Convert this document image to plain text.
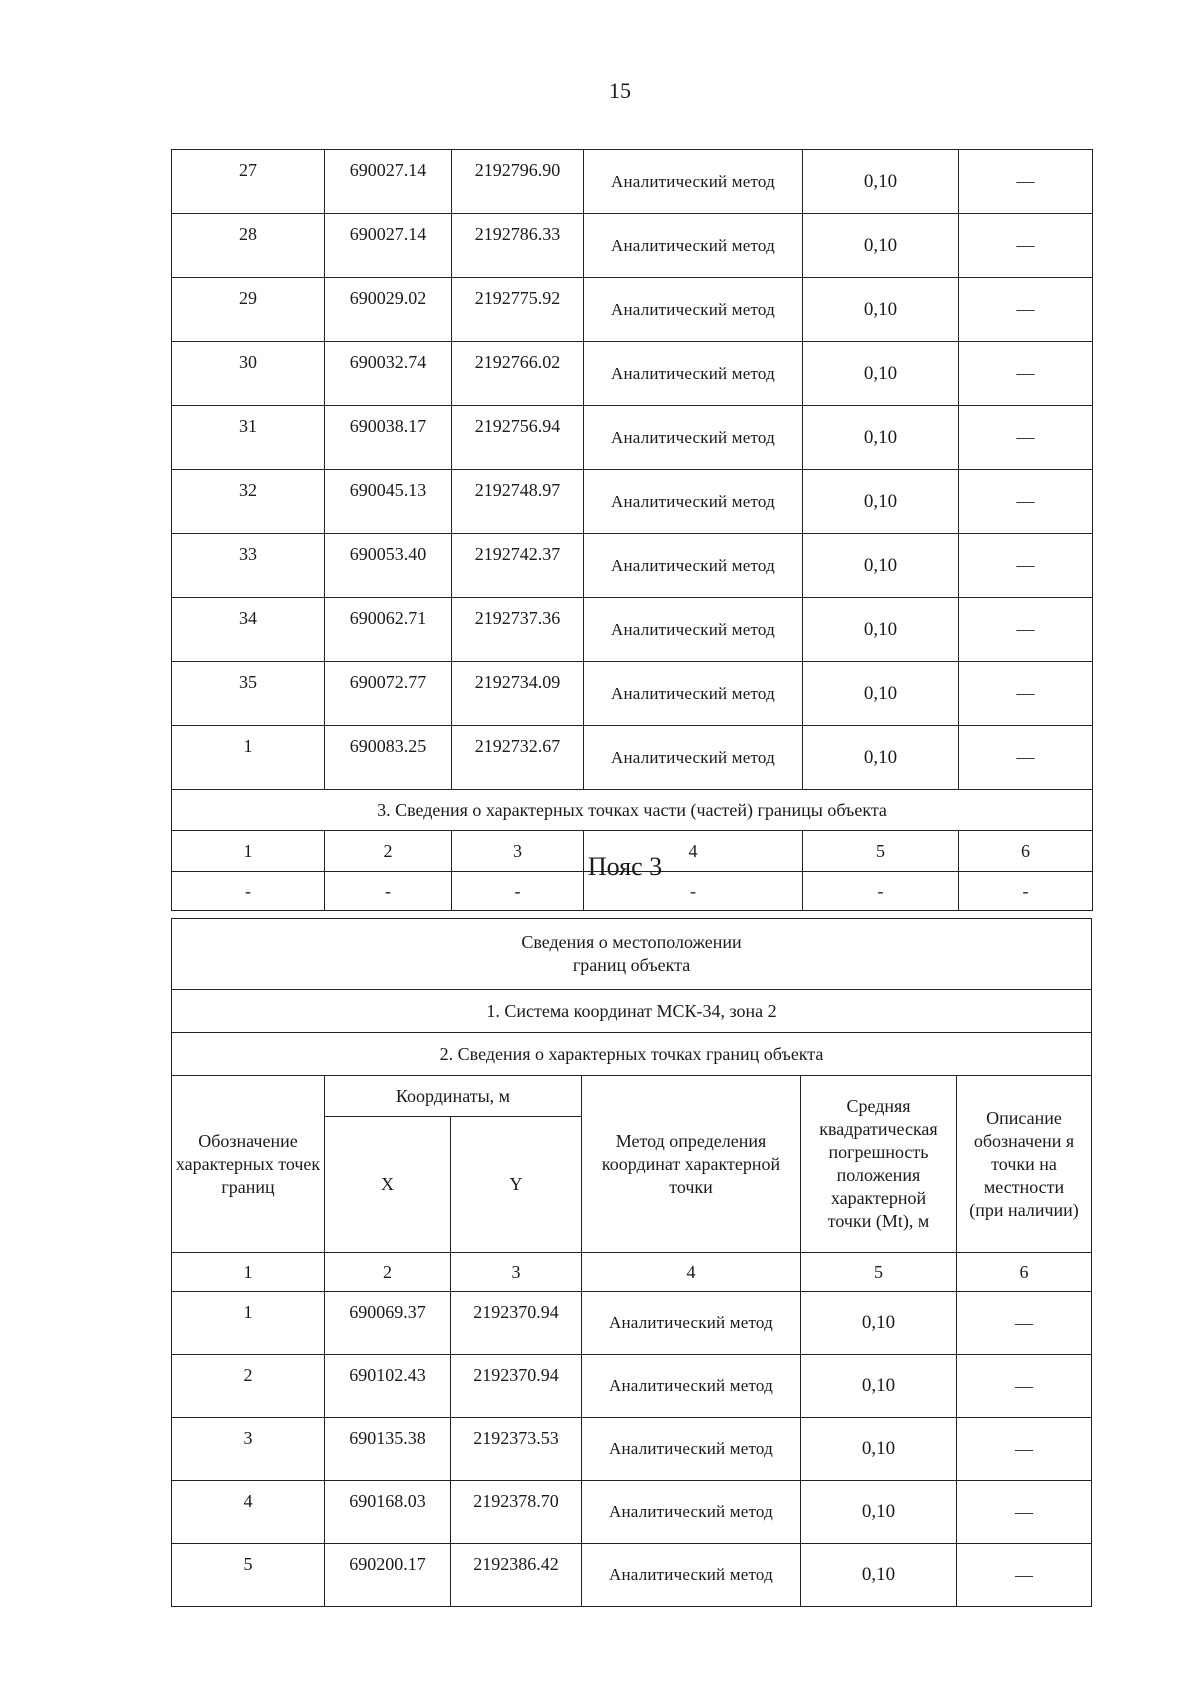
15
27	690027.14	2192796.90	Аналитический метод	0,10	—
28	690027.14	2192786.33	Аналитический метод	0,10	—
29	690029.02	2192775.92	Аналитический метод	0,10	—
30	690032.74	2192766.02	Аналитический метод	0,10	—
31	690038.17	2192756.94	Аналитический метод	0,10	—
32	690045.13	2192748.97	Аналитический метод	0,10	—
33	690053.40	2192742.37	Аналитический метод	0,10	—
34	690062.71	2192737.36	Аналитический метод	0,10	—
35	690072.77	2192734.09	Аналитический метод	0,10	—
1	690083.25	2192732.67	Аналитический метод	0,10	—
3. Сведения о характерных точках части (частей) границы объекта					
1	2	3	4	5	6
-	-	-	-	-	-
Пояс 3
Сведения о местоположении
границ объекта					

1. Система координат МСК-34, зона 2					
2. Сведения о характерных точках границ объекта					
Обозначение характерных точек границ	Координаты, м		Метод определения координат характерной точки	Средняя квадратическая погрешность положения характерной точки (Mt), м	Описание обозначени я точки на местности (при наличии)
	X	Y			
1	2	3	4	5	6
1	690069.37	2192370.94	Аналитический метод	0,10	—
2	690102.43	2192370.94	Аналитический метод	0,10	—
3	690135.38	2192373.53	Аналитический метод	0,10	—
4	690168.03	2192378.70	Аналитический метод	0,10	—
5	690200.17	2192386.42	Аналитический метод	0,10	—
